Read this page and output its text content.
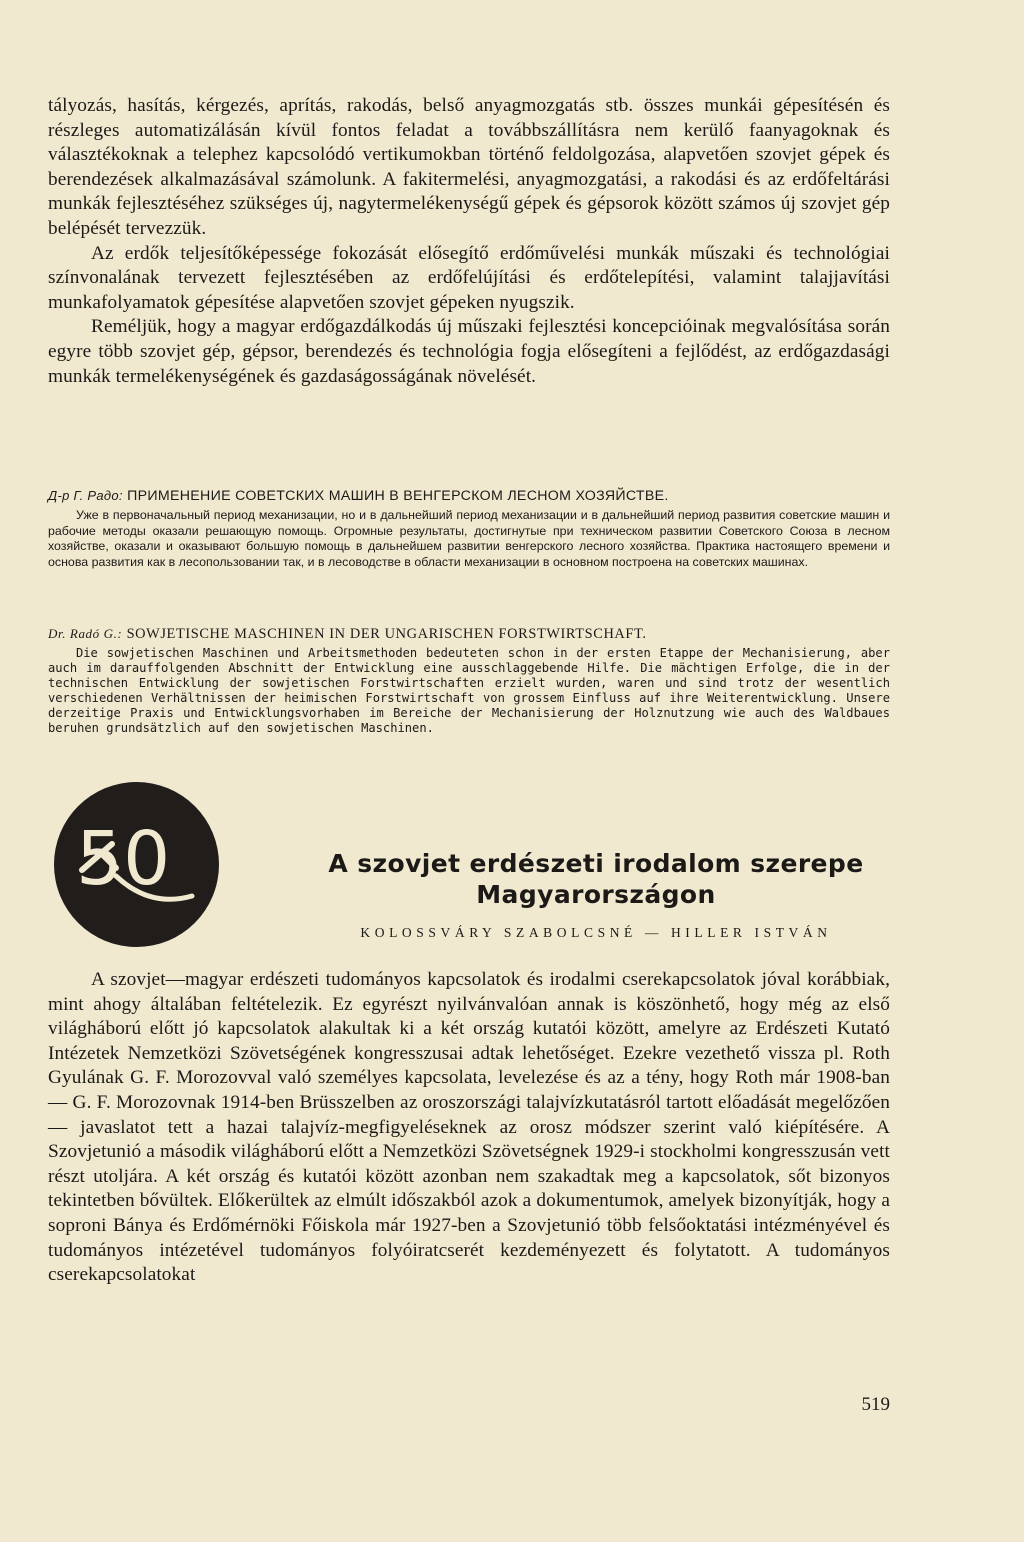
tályozás, hasítás, kérgezés, aprítás, rakodás, belső anyagmozgatás stb. összes munkái gépesítésén és részleges automatizálásán kívül fontos feladat a továbbszállításra nem kerülő faanyagoknak és választékoknak a telephez kapcsolódó vertikumokban történő feldolgozása, alapvetően szovjet gépek és berendezések alkalmazásával számolunk. A fakitermelési, anyagmozgatási, a rakodási és az erdőfeltárási munkák fejlesztéséhez szükséges új, nagytermelékenységű gépek és gépsorok között számos új szovjet gép belépését tervezzük.

Az erdők teljesítőképessége fokozását elősegítő erdőművelési munkák műszaki és technológiai színvonalának tervezett fejlesztésében az erdőfelújítási és erdőtelepítési, valamint talajjavítási munkafolyamatok gépesítése alapvetően szovjet gépeken nyugszik.

Reméljük, hogy a magyar erdőgazdálkodás új műszaki fejlesztési koncepcióinak megvalósítása során egyre több szovjet gép, gépsor, berendezés és technológia fogja elősegíteni a fejlődést, az erdőgazdasági munkák termelékenységének és gazdaságosságának növelését.

Д-р Г. Радо: ПРИМЕНЕНИЕ СОВЕТСКИХ МАШИН В ВЕНГЕРСКОМ ЛЕСНОМ ХОЗЯЙСТВЕ.
Уже в первоначальный период механизации, но и в дальнейший период механизации и в дальнейший период развития советские машин и рабочие методы оказали решающую помощь. Огромные результаты, достигнутые при техническом развитии Советского Союза в лесном хозяйстве, оказали и оказывают большую помощь в дальнейшем развитии венгерского лесного хозяйства. Практика настоящего времени и основа развития как в лесопользовании так, и в лесоводстве в области механизации в основном построена на советских машинах.
Dr. Radó G.: SOWJETISCHE MASCHINEN IN DER UNGARISCHEN FORSTWIRTSCHAFT.
Die sowjetischen Maschinen und Arbeitsmethoden bedeuteten schon in der ersten Etappe der Mechanisierung, aber auch im darauffolgenden Abschnitt der Entwicklung eine ausschlaggebende Hilfe. Die mächtigen Erfolge, die in der technischen Entwicklung der sowjetischen Forstwirtschaften erzielt wurden, waren und sind trotz der wesentlich verschiedenen Verhältnissen der heimischen Forstwirtschaft von grossem Einfluss auf ihre Weiterentwicklung. Unsere derzeitige Praxis und Entwicklungsvorhaben im Bereiche der Mechanisierung der Holznutzung wie auch des Waldbaues beruhen grundsätzlich auf den sowjetischen Maschinen.
50	A szovjet erdészeti irodalom szerepe
Magyarországon
KOLOSSVÁRY SZABOLCSNÉ — HILLER ISTVÁN

A szovjet—magyar erdészeti tudományos kapcsolatok és irodalmi cserekapcsolatok jóval korábbiak, mint ahogy általában feltételezik. Ez egyrészt nyilvánvalóan annak is köszönhető, hogy még az első világháború előtt jó kapcsolatok alakultak ki a két ország kutatói között, amelyre az Erdészeti Kutató Intézetek Nemzetközi Szövetségének kongresszusai adtak lehetőséget. Ezekre vezethető vissza pl. Roth Gyulának G. F. Morozovval való személyes kapcsolata, levelezése és az a tény, hogy Roth már 1908-ban — G. F. Morozovnak 1914-ben Brüsszelben az oroszországi talajvízkutatásról tartott előadását megelőzően — javaslatot tett a hazai talajvíz-megfigyeléseknek az orosz módszer szerint való kiépítésére. A Szovjetunió a második világháború előtt a Nemzetközi Szövetségnek 1929-i stockholmi kongresszusán vett részt utoljára. A két ország és kutatói között azonban nem szakadtak meg a kapcsolatok, sőt bizonyos tekintetben bővültek. Előkerültek az elmúlt időszakból azok a dokumentumok, amelyek bizonyítják, hogy a soproni Bánya és Erdőmérnöki Főiskola már 1927-ben a Szovjetunió több felsőoktatási intézményével és tudományos intézetével tudományos folyóiratcserét kezdeményezett és folytatott. A tudományos cserekapcsolatokat

519
